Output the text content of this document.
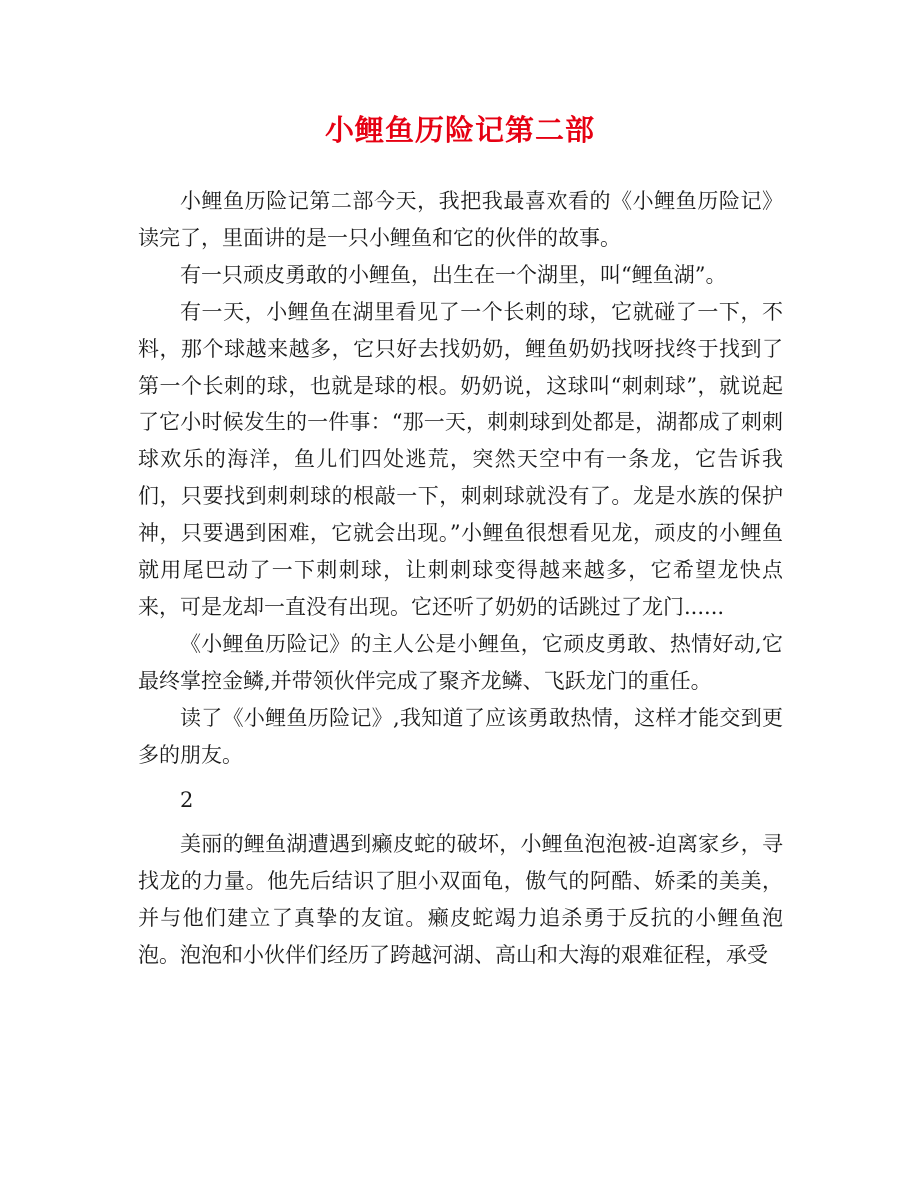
小鲤鱼历险记第二部

小鲤鱼历险记第二部今天，我把我最喜欢看的《小鲤鱼历险记》读完了，里面讲的是一只小鲤鱼和它的伙伴的故事。

有一只顽皮勇敢的小鲤鱼，出生在一个湖里，叫“鲤鱼湖”。

有一天，小鲤鱼在湖里看见了一个长刺的球，它就碰了一下，不料，那个球越来越多，它只好去找奶奶，鲤鱼奶奶找呀找终于找到了第一个长刺的球，也就是球的根。奶奶说，这球叫“刺刺球”，就说起了它小时候发生的一件事：“那一天，刺刺球到处都是，湖都成了刺刺球欢乐的海洋，鱼儿们四处逃荒，突然天空中有一条龙，它告诉我们，只要找到刺刺球的根敲一下，刺刺球就没有了。龙是水族的保护神，只要遇到困难，它就会出现。”小鲤鱼很想看见龙，顽皮的小鲤鱼就用尾巴动了一下刺刺球，让刺刺球变得越来越多，它希望龙快点来，可是龙却一直没有出现。它还听了奶奶的话跳过了龙门......

《小鲤鱼历险记》的主人公是小鲤鱼，它顽皮勇敢、热情好动,它最终掌控金鳞,并带领伙伴完成了聚齐龙鳞、飞跃龙门的重任。

读了《小鲤鱼历险记》,我知道了应该勇敢热情，这样才能交到更多的朋友。

2

美丽的鲤鱼湖遭遇到癞皮蛇的破坏，小鲤鱼泡泡被-迫离家乡，寻找龙的力量。他先后结识了胆小双面龟，傲气的阿酷、娇柔的美美，并与他们建立了真挚的友谊。癞皮蛇竭力追杀勇于反抗的小鲤鱼泡泡。泡泡和小伙伴们经历了跨越河湖、高山和大海的艰难征程，承受
